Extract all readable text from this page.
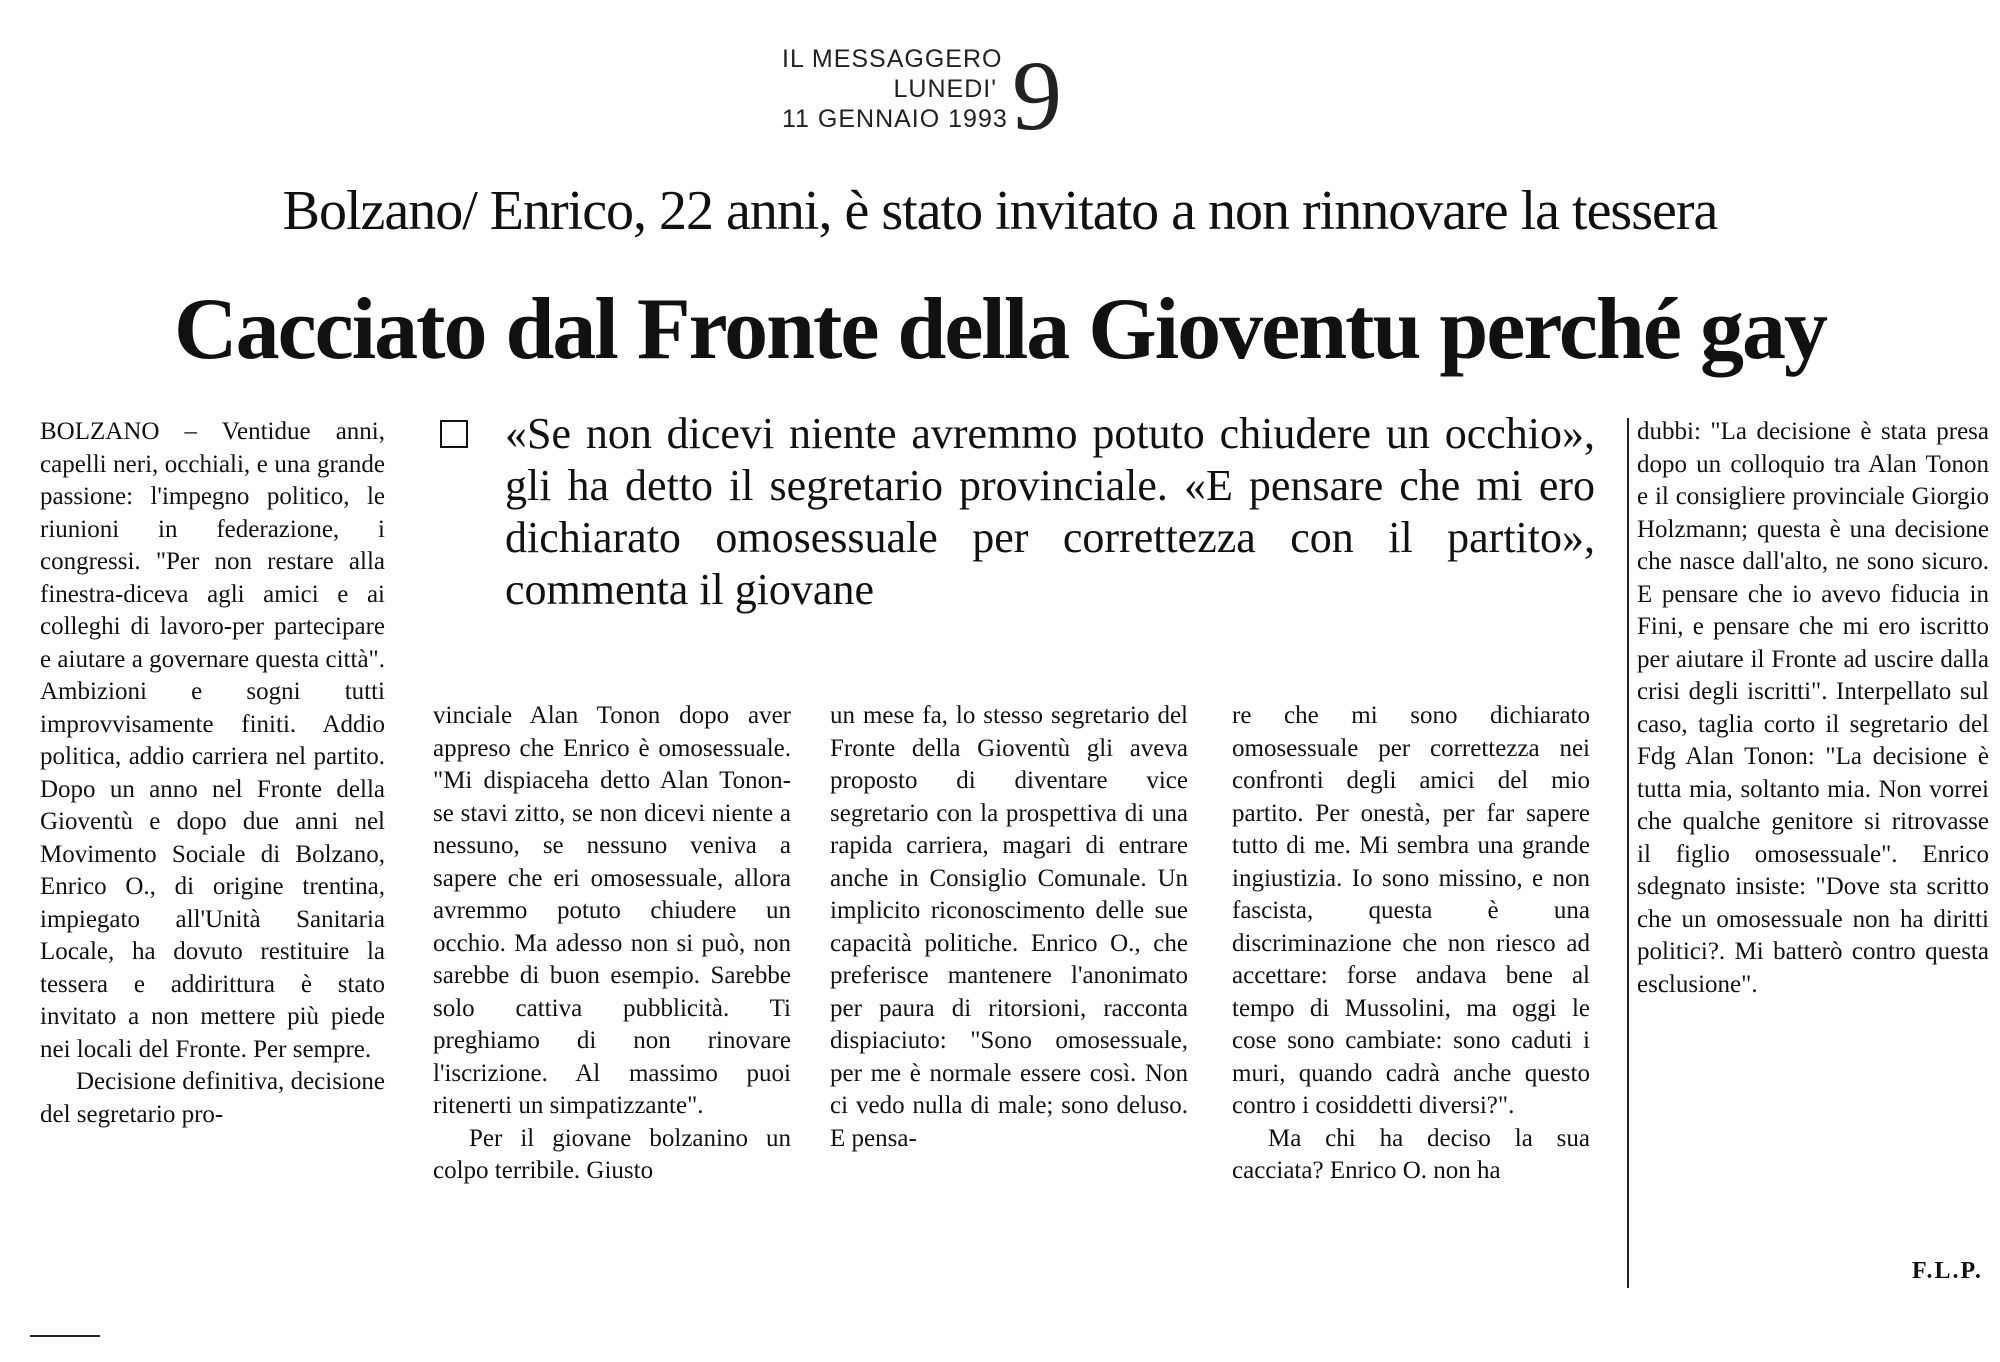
IL MESSAGGERO
LUNEDI'
11 GENNAIO 1993 9
Bolzano/ Enrico, 22 anni, è stato invitato a non rinnovare la tessera
Cacciato dal Fronte della Gioventu perché gay
«Se non dicevi niente avremmo potuto chiudere un occhio», gli ha detto il segretario provinciale. «E pensare che mi ero dichiarato omosessuale per correttezza con il partito», commenta il giovane

BOLZANO – Ventidue anni, capelli neri, occhiali, e una grande passione: l'impegno politico, le riunioni in federazione, i congressi. "Per non restare alla finestra-diceva agli amici e ai colleghi di lavoro-per partecipare e aiutare a governare questa città". Ambizioni e sogni tutti improvvisamente finiti. Addio politica, addio carriera nel partito. Dopo un anno nel Fronte della Gioventù e dopo due anni nel Movimento Sociale di Bolzano, Enrico O., di origine trentina, impiegato all'Unità Sanitaria Locale, ha dovuto restituire la tessera e addirittura è stato invitato a non mettere più piede nei locali del Fronte. Per sempre.

Decisione definitiva, decisione del segretario pro-

vinciale Alan Tonon dopo aver appreso che Enrico è omosessuale. "Mi dispiaceha detto Alan Tonon-se stavi zitto, se non dicevi niente a nessuno, se nessuno veniva a sapere che eri omosessuale, allora avremmo potuto chiudere un occhio. Ma adesso non si può, non sarebbe di buon esempio. Sarebbe solo cattiva pubblicità. Ti preghiamo di non rinovare l'iscrizione. Al massimo puoi ritenerti un simpatizzante".

Per il giovane bolzanino un colpo terribile. Giusto

un mese fa, lo stesso segretario del Fronte della Gioventù gli aveva proposto di diventare vice segretario con la prospettiva di una rapida carriera, magari di entrare anche in Consiglio Comunale. Un implicito riconoscimento delle sue capacità politiche. Enrico O., che preferisce mantenere l'anonimato per paura di ritorsioni, racconta dispiaciuto: "Sono omosessuale, per me è normale essere così. Non ci vedo nulla di male; sono deluso. E pensa-

re che mi sono dichiarato omosessuale per correttezza nei confronti degli amici del mio partito. Per onestà, per far sapere tutto di me. Mi sembra una grande ingiustizia. Io sono missino, e non fascista, questa è una discriminazione che non riesco ad accettare: forse andava bene al tempo di Mussolini, ma oggi le cose sono cambiate: sono caduti i muri, quando cadrà anche questo contro i cosiddetti diversi?".

Ma chi ha deciso la sua cacciata? Enrico O. non ha

dubbi: "La decisione è stata presa dopo un colloquio tra Alan Tonon e il consigliere provinciale Giorgio Holzmann; questa è una decisione che nasce dall'alto, ne sono sicuro. E pensare che io avevo fiducia in Fini, e pensare che mi ero iscritto per aiutare il Fronte ad uscire dalla crisi degli iscritti". Interpellato sul caso, taglia corto il segretario del Fdg Alan Tonon: "La decisione è tutta mia, soltanto mia. Non vorrei che qualche genitore si ritrovasse il figlio omosessuale". Enrico sdegnato insiste: "Dove sta scritto che un omosessuale non ha diritti politici?. Mi batterò contro questa esclusione".

F.L.P.
